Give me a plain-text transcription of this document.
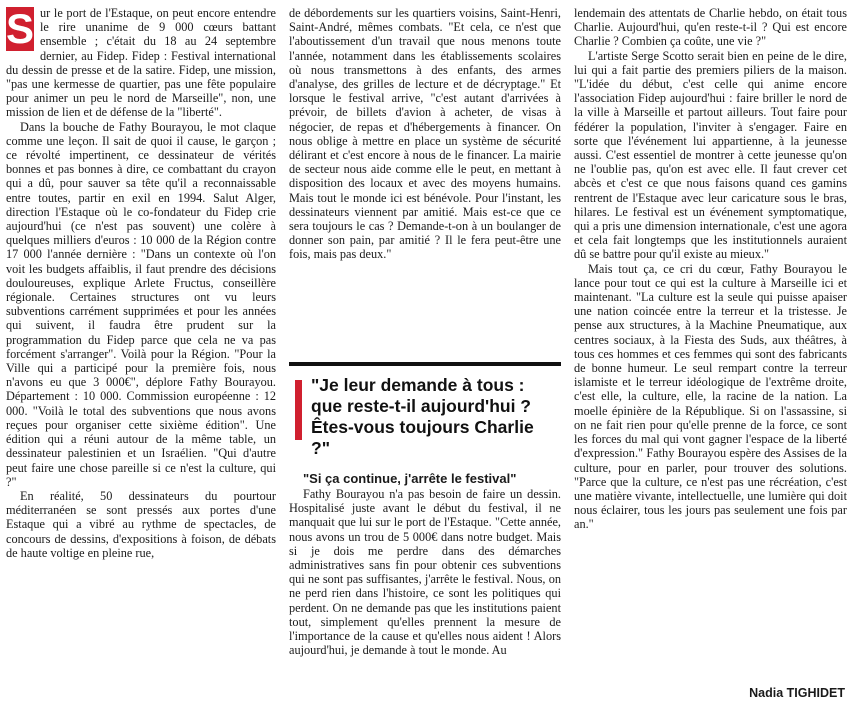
S ur le port de l'Estaque, on peut encore entendre le rire unanime de 9 000 cœurs battant ensemble ; c'était du 18 au 24 septembre dernier, au Fidep. Fidep : Festival international du dessin de presse et de la satire. Fidep, une mission, "pas une kermesse de quartier, pas une fête populaire pour animer un peu le nord de Marseille", non, une mission de lien et de défense de la "liberté".

Dans la bouche de Fathy Bourayou, le mot claque comme une leçon. Il sait de quoi il cause, le garçon ; ce révolté impertinent, ce dessinateur de vérités bonnes et pas bonnes à dire, ce combattant du crayon qui a dû, pour sauver sa tête qu'il a reconnaissable entre toutes, partir en exil en 1994. Salut Alger, direction l'Estaque où le co-fondateur du Fidep crie aujourd'hui (ce n'est pas souvent) une colère à quelques milliers d'euros : 10 000 de la Région contre 17 000 l'année dernière : "Dans un contexte où l'on voit les budgets affaiblis, il faut prendre des décisions douloureuses, explique Arlete Fructus, conseillère régionale. Certaines structures ont vu leurs subventions carrément supprimées et pour les années qui suivent, il faudra être prudent sur la programmation du Fidep parce que cela ne va pas forcément s'arranger". Voilà pour la Région. "Pour la Ville qui a participé pour la première fois, nous n'avons eu que 3 000€", déplore Fathy Bourayou. Département : 10 000. Commission européenne : 12 000. "Voilà le total des subventions que nous avons reçues pour organiser cette sixième édition". Une édition qui a réuni autour de la même table, un dessinateur palestinien et un Israélien. "Qui d'autre peut faire une chose pareille si ce n'est la culture, qui ?"

En réalité, 50 dessinateurs du pourtour méditerranéen se sont pressés aux portes d'une Estaque qui a vibré au rythme de spectacles, de concours de dessins, d'expositions à foison, de débats de haute voltige en pleine rue,

de débordements sur les quartiers voisins, Saint-Henri, Saint-André, mêmes combats. "Et cela, ce n'est que l'aboutissement d'un travail que nous menons toute l'année, notamment dans les établissements scolaires où nous transmettons à des enfants, des armes d'analyse, des grilles de lecture et de décryptage." Et lorsque le festival arrive, "c'est autant d'arrivées à prévoir, de billets d'avion à acheter, de visas à négocier, de repas et d'hébergements à financer. On nous oblige à mettre en place un système de sécurité délirant et c'est encore à nous de le financer. La mairie de secteur nous aide comme elle le peut, en mettant à disposition des locaux et avec des moyens humains. Mais tout le monde ici est bénévole. Pour l'instant, les dessinateurs viennent par amitié. Mais est-ce que ce sera toujours le cas ? Demande-t-on à un boulanger de donner son pain, par amitié ? Il le fera peut-être une fois, mais pas deux."

"Je leur demande à tous : que reste-t-il aujourd'hui ? Êtes-vous toujours Charlie ?"

"Si ça continue, j'arrête le festival"

Fathy Bourayou n'a pas besoin de faire un dessin. Hospitalisé juste avant le début du festival, il ne manquait que lui sur le port de l'Estaque. "Cette année, nous avons un trou de 5 000€ dans notre budget. Mais si je dois me perdre dans des démarches administratives sans fin pour obtenir ces subventions qui ne sont pas suffisantes, j'arrête le festival. Nous, on ne perd rien dans l'histoire, ce sont les politiques qui perdent. On ne demande pas que les institutions paient tout, simplement qu'elles prennent la mesure de l'importance de la cause et qu'elles nous aident ! Alors aujourd'hui, je demande à tout le monde. Au

lendemain des attentats de Charlie hebdo, on était tous Charlie. Aujourd'hui, qu'en reste-t-il ? Qui est encore Charlie ? Combien ça coûte, une vie ?"

L'artiste Serge Scotto serait bien en peine de le dire, lui qui a fait partie des premiers piliers de la maison. "L'idée du début, c'est celle qui anime encore l'association Fidep aujourd'hui : faire briller le nord de la ville à Marseille et partout ailleurs. Tout faire pour fédérer la population, l'inviter à s'engager. Faire en sorte que l'événement lui appartienne, à la jeunesse aussi. C'est essentiel de montrer à cette jeunesse qu'on ne l'oublie pas, qu'on est avec elle. Il faut crever cet abcès et c'est ce que nous faisons quand ces gamins rentrent de l'Estaque avec leur caricature sous le bras, hilares. Le festival est un événement symptomatique, qui a pris une dimension internationale, c'est une agora et cela fait longtemps que les institutionnels auraient dû se battre pour qu'il existe au mieux."

Mais tout ça, ce cri du cœur, Fathy Bourayou le lance pour tout ce qui est la culture à Marseille ici et maintenant. "La culture est la seule qui puisse apaiser une nation coincée entre la terreur et la tristesse. Je pense aux structures, à la Machine Pneumatique, aux centres sociaux, à la Fiesta des Suds, aux théâtres, à tous ces hommes et ces femmes qui sont des fabricants de bonne humeur. Le seul rempart contre la terreur islamiste et le terreur idéologique de l'extrême droite, c'est elle, la culture, elle, la racine de la nation. La moelle épinière de la République. Si on l'assassine, si on ne fait rien pour qu'elle prenne de la force, ce sont les forces du mal qui vont gagner l'espace de la liberté d'expression." Fathy Bourayou espère des Assises de la culture, pour en parler, pour trouver des solutions. "Parce que la culture, ce n'est pas une récréation, c'est une matière vivante, intellectuelle, une lumière qui doit nous éclairer, tous les jours pas seulement une fois par an."

Nadia TIGHIDET
